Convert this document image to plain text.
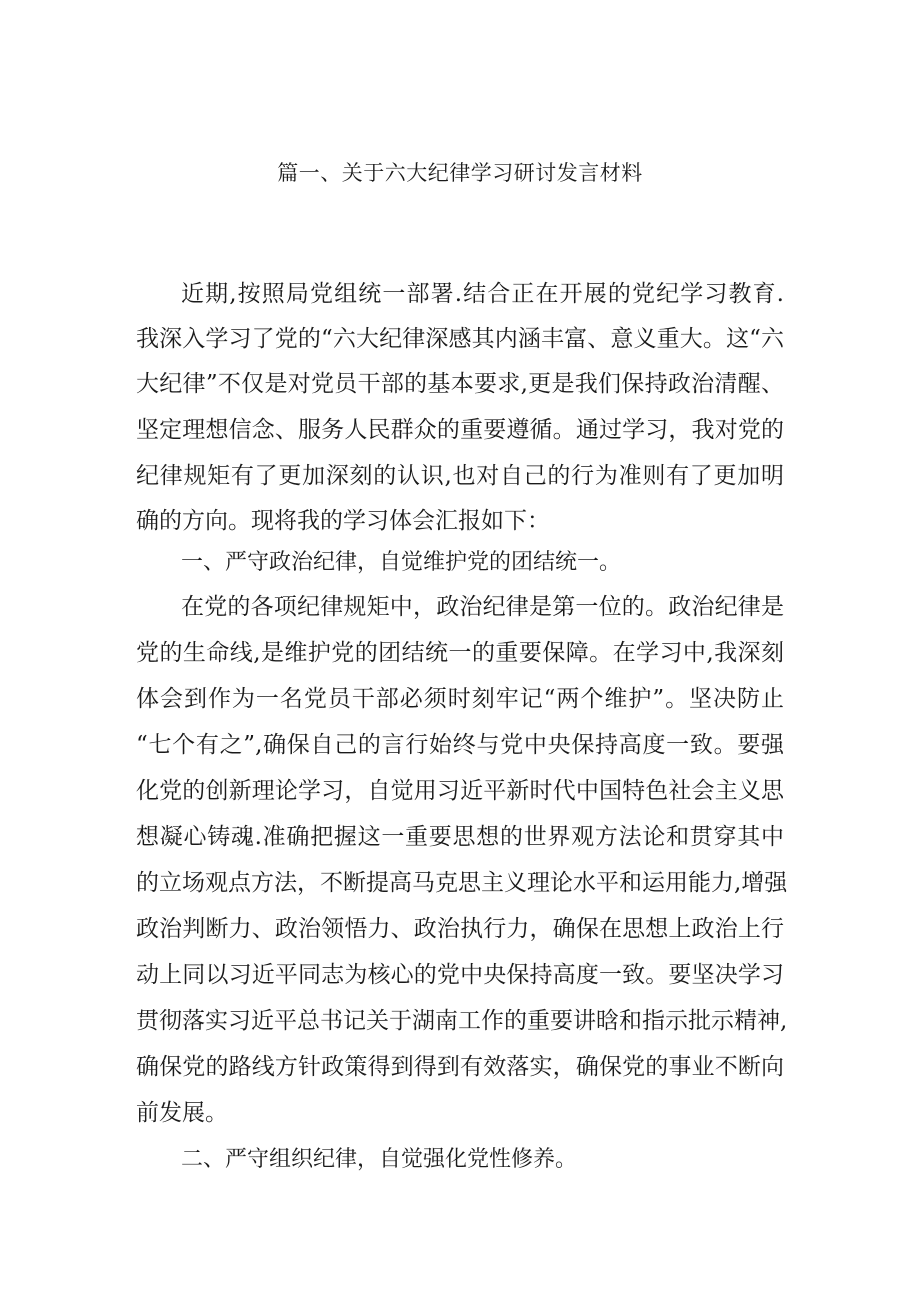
篇一、关于六大纪律学习研讨发言材料
近期,按照局党组统一部署.结合正在开展的党纪学习教育.
我深入学习了党的“六大纪律深感其内涵丰富、意义重大。这“六
大纪律”不仅是对党员干部的基本要求,更是我们保持政治清醒、
坚定理想信念、服务人民群众的重要遵循。通过学习，我对党的
纪律规矩有了更加深刻的认识,也对自己的行为准则有了更加明
确的方向。现将我的学习体会汇报如下：
一、严守政治纪律，自觉维护党的团结统一。
在党的各项纪律规矩中，政治纪律是第一位的。政治纪律是
党的生命线,是维护党的团结统一的重要保障。在学习中,我深刻
体会到作为一名党员干部必须时刻牢记“两个维护”。坚决防止
“七个有之”,确保自己的言行始终与党中央保持高度一致。要强
化党的创新理论学习，自觉用习近平新时代中国特色社会主义思
想凝心铸魂.准确把握这一重要思想的世界观方法论和贯穿其中
的立场观点方法，不断提高马克思主义理论水平和运用能力,增强
政治判断力、政治领悟力、政治执行力，确保在思想上政治上行
动上同以习近平同志为核心的党中央保持高度一致。要坚决学习
贯彻落实习近平总书记关于湖南工作的重要讲晗和指示批示精神,
确保党的路线方针政策得到得到有效落实，确保党的事业不断向
前发展。
二、严守组织纪律，自觉强化党性修养。
